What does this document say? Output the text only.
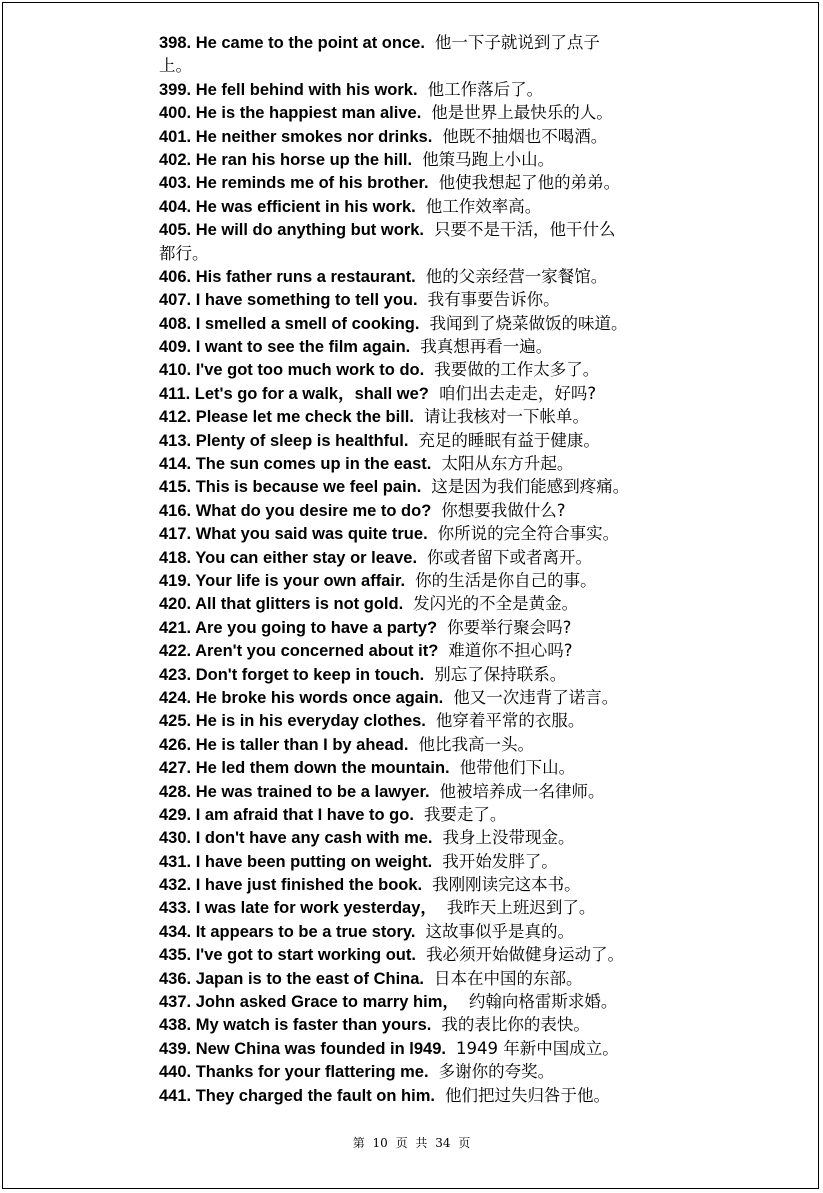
398. He came to the point at once. 他一下子就说到了点子
上。
399. He fell behind with his work. 他工作落后了。
400. He is the happiest man alive. 他是世界上最快乐的人。
401. He neither smokes nor drinks. 他既不抽烟也不喝酒。
402. He ran his horse up the hill. 他策马跑上小山。
403. He reminds me of his brother. 他使我想起了他的弟弟。
404. He was efficient in his work. 他工作效率高。
405. He will do anything but work. 只要不是干活，他干什么
都行。
406. His father runs a restaurant. 他的父亲经营一家餐馆。
407. I have something to tell you. 我有事要告诉你。
408. I smelled a smell of cooking. 我闻到了烧菜做饭的味道。
409. I want to see the film again. 我真想再看一遍。
410. I've got too much work to do. 我要做的工作太多了。
411. Let's go for a walk，shall we? 咱们出去走走，好吗?
412. Please let me check the bill. 请让我核对一下帐单。
413. Plenty of sleep is healthful. 充足的睡眠有益于健康。
414. The sun comes up in the east. 太阳从东方升起。
415. This is because we feel pain. 这是因为我们能感到疼痛。
416. What do you desire me to do? 你想要我做什么?
417. What you said was quite true. 你所说的完全符合事实。
418. You can either stay or leave. 你或者留下或者离开。
419. Your life is your own affair. 你的生活是你自己的事。
420. All that glitters is not gold. 发闪光的不全是黄金。
421. Are you going to have a party? 你要举行聚会吗?
422. Aren't you concerned about it? 难道你不担心吗?
423. Don't forget to keep in touch. 别忘了保持联系。
424. He broke his words once again. 他又一次违背了诺言。
425. He is in his everyday clothes. 他穿着平常的衣服。
426. He is taller than I by ahead. 他比我高一头。
427. He led them down the mountain. 他带他们下山。
428. He was trained to be a lawyer. 他被培养成一名律师。
429. I am afraid that I have to go. 我要走了。
430. I don't have any cash with me. 我身上没带现金。
431. I have been putting on weight. 我开始发胖了。
432. I have just finished the book. 我刚刚读完这本书。
433. I was late for work yesterday， 我昨天上班迟到了。
434. It appears to be a true story. 这故事似乎是真的。
435. I've got to start working out. 我必须开始做健身运动了。
436. Japan is to the east of China. 日本在中国的东部。
437. John asked Grace to marry him， 约翰向格雷斯求婚。
438. My watch is faster than yours. 我的表比你的表快。
439. New China was founded in l949. 1949 年新中国成立。
440. Thanks for your flattering me. 多谢你的夸奖。
441. They charged the fault on him. 他们把过失归咎于他。
第 10 页 共 34 页
